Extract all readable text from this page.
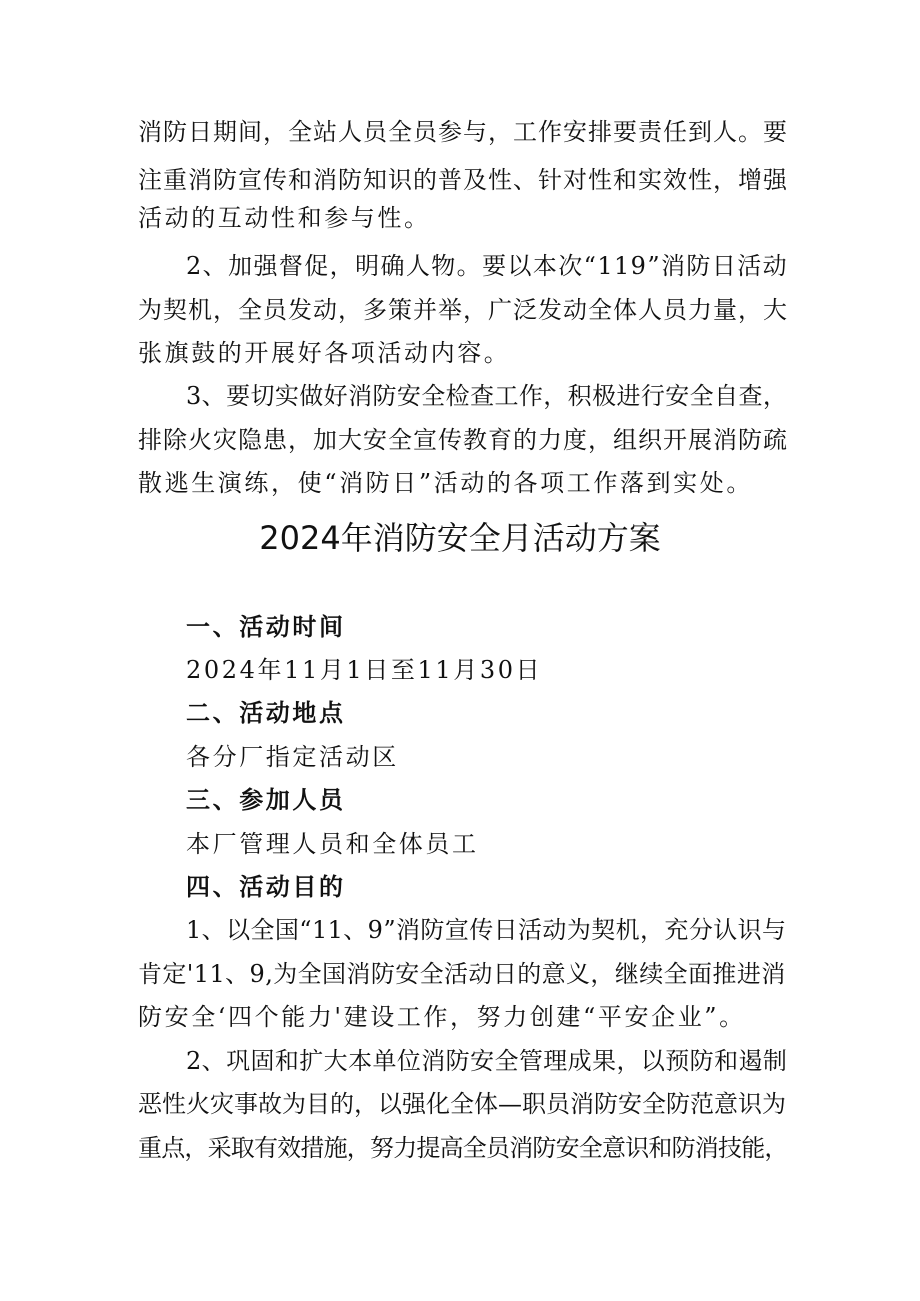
消防日期间，全站人员全员参与，工作安排要责任到人。要
注重消防宣传和消防知识的普及性、针对性和实效性，增强
活动的互动性和参与性。
2、加强督促，明确人物。要以本次“119”消防日活动
为契机，全员发动，多策并举，广泛发动全体人员力量，大
张旗鼓的开展好各项活动内容。
3、要切实做好消防安全检查工作，积极进行安全自查，
排除火灾隐患，加大安全宣传教育的力度，组织开展消防疏
散逃生演练，使“消防日”活动的各项工作落到实处。
2024年消防安全月活动方案
一、活动时间
2024年11月1日至11月30日
二、活动地点
各分厂指定活动区
三、参加人员
本厂管理人员和全体员工
四、活动目的
1、以全国“11、9”消防宣传日活动为契机，充分认识与
肯定'11、9,为全国消防安全活动日的意义，继续全面推进消
防安全‘四个能力'建设工作，努力创建“平安企业”。
2、巩固和扩大本单位消防安全管理成果，以预防和遏制
恶性火灾事故为目的，以强化全体—职员消防安全防范意识为
重点，采取有效措施，努力提高全员消防安全意识和防消技能，
